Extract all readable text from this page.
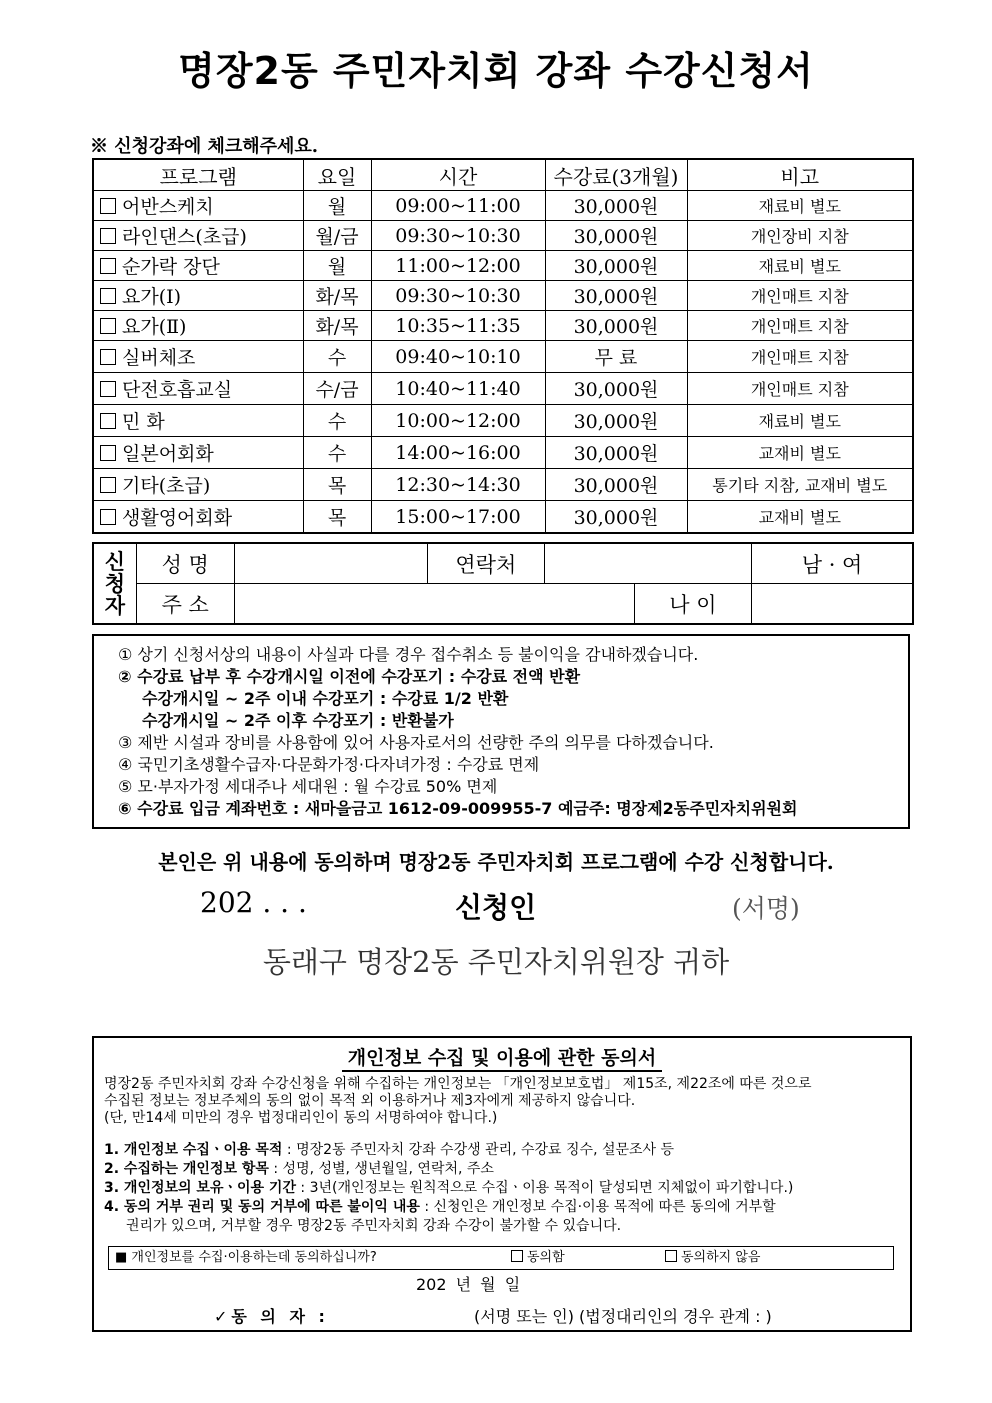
명장2동 주민자치회 강좌 수강신청서
※ 신청강좌에 체크해주세요.
프로그램	요일	시간	수강료(3개월)	비고
어반스케치	월	09:00~11:00	30,000원	재료비 별도
라인댄스(초급)	월/금	09:30~10:30	30,000원	개인장비 지참
순가락 장단	월	11:00~12:00	30,000원	재료비 별도
요가(Ⅰ)	화/목	09:30~10:30	30,000원	개인매트 지참
요가(Ⅱ)	화/목	10:35~11:35	30,000원	개인매트 지참
실버체조	수	09:40~10:10	무 료	개인매트 지참
단전호흡교실	수/금	10:40~11:40	30,000원	개인매트 지참
민 화	수	10:00~12:00	30,000원	재료비 별도
일본어회화	수	14:00~16:00	30,000원	교재비 별도
기타(초급)	목	12:30~14:30	30,000원	통기타 지참, 교재비 별도
생활영어회화	목	15:00~17:00	30,000원	교재비 별도
신
청
자	성 명		연락처			남 · 여
	주 소				나 이	
① 상기 신청서상의 내용이 사실과 다를 경우 접수취소 등 불이익을 감내하겠습니다.
② 수강료 납부 후 수강개시일 이전에 수강포기 : 수강료 전액 반환
수강개시일 ~ 2주 이내 수강포기 : 수강료 1/2 반환
수강개시일 ~ 2주 이후 수강포기 : 반환불가
③ 제반 시설과 장비를 사용함에 있어 사용자로서의 선량한 주의 의무를 다하겠습니다.
④ 국민기초생활수급자·다문화가정·다자녀가정 : 수강료 면제
⑤ 모·부자가정 세대주나 세대원 : 월 수강료 50% 면제
⑥ 수강료 입금 계좌번호 : 새마을금고 1612-09-009955-7 예금주: 명장제2동주민자치위원회
본인은 위 내용에 동의하며 명장2동 주민자치회 프로그램에 수강 신청합니다.
202 . . .	신청인	(서명)
동래구 명장2동 주민자치위원장 귀하
개인정보 수집 및 이용에 관한 동의서
명장2동 주민자치회 강좌 수강신청을 위해 수집하는 개인정보는 「개인정보보호법」 제15조, 제22조에 따른 것으로
수집된 정보는 정보주체의 동의 없이 목적 외 이용하거나 제3자에게 제공하지 않습니다.
(단, 만14세 미만의 경우 법정대리인이 동의 서명하여야 합니다.)
1. 개인정보 수집ㆍ이용 목적 : 명장2동 주민자치 강좌 수강생 관리, 수강료 징수, 설문조사 등
2. 수집하는 개인정보 항목 : 성명, 성별, 생년월일, 연락처, 주소
3. 개인정보의 보유ㆍ이용 기간 : 3년(개인정보는 원칙적으로 수집ㆍ이용 목적이 달성되면 지체없이 파기합니다.)
4. 동의 거부 권리 및 동의 거부에 따른 불이익 내용 : 신청인은 개인정보 수집·이용 목적에 따른 동의에 거부할
권리가 있으며, 거부할 경우 명장2동 주민자치회 강좌 수강이 불가할 수 있습니다.
■ 개인정보를 수집·이용하는데 동의하십니까?	동의함	동의하지 않음
202 년 월 일
✓동 의 자 :	(서명 또는 인) (법정대리인의 경우 관계 : )
